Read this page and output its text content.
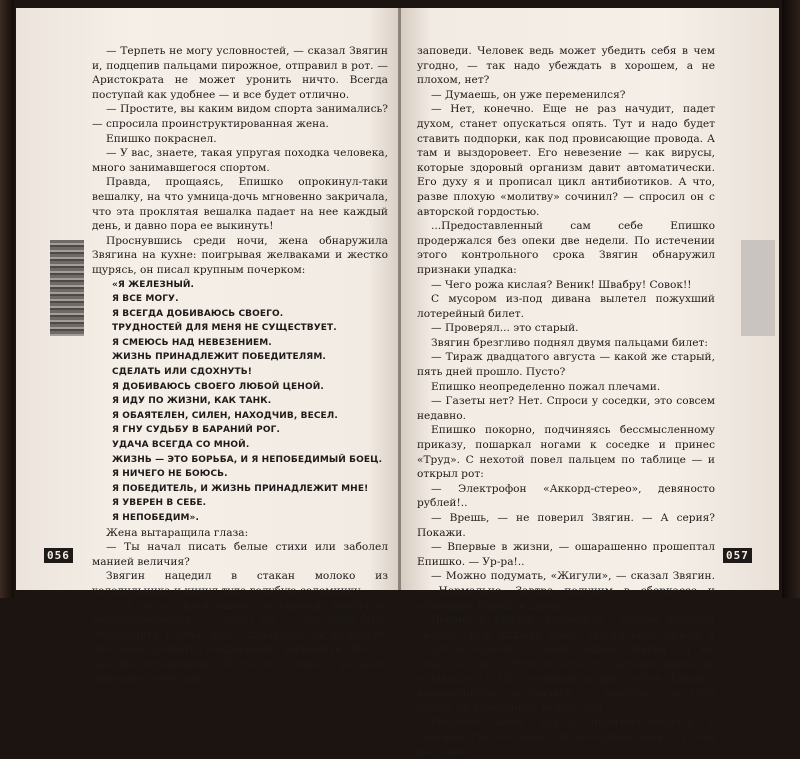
— Терпеть не могу условностей, — сказал Звягин и, подцепив пальцами пирожное, отправил в рот. — Аристократа не может уронить ничто. Всегда поступай как удобнее — и все будет отлично.

— Простите, вы каким видом спорта занимались? — спросила проинструктированная жена.

Епишко покраснел.

— У вас, знаете, такая упругая походка человека, много занимавшегося спортом.

Правда, прощаясь, Епишко опрокинул-таки вешалку, на что умница-дочь мгновенно закричала, что эта проклятая вешалка падает на нее каждый день, и давно пора ее выкинуть!

Проснувшись среди ночи, жена обнаружила Звягина на кухне: поигрывая желваками и жестко щурясь, он писал крупным почерком:

«Я ЖЕЛЕЗНЫЙ.
Я ВСЕ МОГУ.
Я ВСЕГДА ДОБИВАЮСЬ СВОЕГО.
ТРУДНОСТЕЙ ДЛЯ МЕНЯ НЕ СУЩЕСТВУЕТ.
Я СМЕЮСЬ НАД НЕВЕЗЕНИЕМ.
ЖИЗНЬ ПРИНАДЛЕЖИТ ПОБЕДИТЕЛЯМ.
СДЕЛАТЬ ИЛИ СДОХНУТЬ!
Я ДОБИВАЮСЬ СВОЕГО ЛЮБОЙ ЦЕНОЙ.
Я ИДУ ПО ЖИЗНИ, КАК ТАНК.
Я ОБАЯТЕЛЕН, СИЛЕН, НАХОДЧИВ, ВЕСЕЛ.
Я ГНУ СУДЬБУ В БАРАНИЙ РОГ.
УДАЧА ВСЕГДА СО МНОЙ.
ЖИЗНЬ — ЭТО БОРЬБА, И Я НЕПОБЕДИМЫЙ БОЕЦ.
Я НИЧЕГО НЕ БОЮСЬ.
Я ПОБЕДИТЕЛЬ, И ЖИЗНЬ ПРИНАДЛЕЖИТ МНЕ!
Я УВЕРЕН В СЕБЕ.
Я НЕПОБЕДИМ».

Жена вытаращила глаза:

— Ты начал писать белые стихи или заболел манией величия?

Звягин нацедил в стакан молоко из холодильника и кинул туда голубую соломинку.

— У него сильнейший, застарелый комплекс неполноценности, — сказал он. — Это надо было переломить. Сейчас дело сдвинулось, он на взлете. Это надо развить, поддержать, закрепить. Вот — как бы аутотренинг. Пусть по утрам и на ночь повторяет себе сии

056

заповеди. Человек ведь может убедить себя в чем угодно, — так надо убеждать в хорошем, а не плохом, нет?

— Думаешь, он уже переменился?

— Нет, конечно. Еще не раз начудит, падет духом, станет опускаться опять. Тут и надо будет ставить подпорки, как под провисающие провода. А там и выздоровеет. Его невезение — как вирусы, которые здоровый организм давит автоматически. Его духу я и прописал цикл антибиотиков. А что, разве плохую «молитву» сочинил? — спросил он с авторской гордостью.

...Предоставленный сам себе Епишко продержался без опеки две недели. По истечении этого контрольного срока Звягин обнаружил признаки упадка:

— Чего рожа кислая? Веник! Швабру! Совок!!

С мусором из-под дивана вылетел пожухший лотерейный билет.

— Проверял... это старый.

Звягин брезгливо поднял двумя пальцами билет:

— Тираж двадцатого августа — какой же старый, пять дней прошло. Пусто?

Епишко неопределенно пожал плечами.

— Газеты нет? Нет. Спроси у соседки, это совсем недавно.

Епишко покорно, подчиняясь бессмысленному приказу, пошаркал ногами к соседке и принес «Труд». С нехотой повел пальцем по таблице — и открыл рот:

— Электрофон «Аккорд-стерео», девяносто рублей!..

— Врешь, — не поверил Звягин. — А серия? Покажи.

— Впервые в жизни, — ошарашенно прошептал Епишко. — Ур-ра!..

— Можно подумать, «Жигули», — сказал Звягин. — Нормально. Завтра получим в сберкассе и отоварим. Порядок давай!

Девяносто рублей употребили с толком: выбрали светло-серый пиджак вроде звягинского, брюки и голубую сорочку. Старый пиджак Звягин тут же сунул в урну: «Чтоб и духу его неудачливого не оставалось!» На оставшиеся два рубля Епишко вознамерился постричься «у мастера», и стал похож на помощника режиссера.

Позднее жена как-то поинтересовалась у Звягина, где его часы. Он досадливо дернул углом рта: поте-

057
